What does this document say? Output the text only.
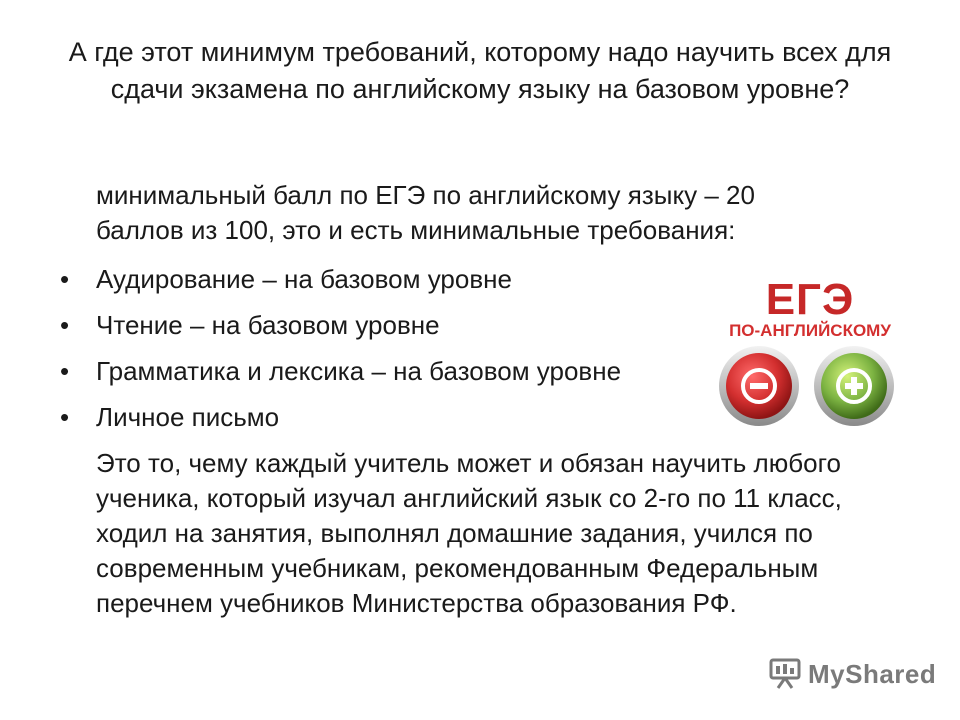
А где этот минимум требований, которому надо научить всех для сдачи экзамена по английскому языку на базовом уровне?
минимальный балл по ЕГЭ по английскому языку – 20 баллов из 100, это и есть минимальные требования:
•	Аудирование – на базовом уровне
•	Чтение – на базовом уровне
•	Грамматика и лексика – на базовом уровне
•	Личное письмо
Это то, чему каждый учитель может и обязан научить любого ученика, который изучал английский язык со 2-го по 11 класс, ходил на занятия, выполнял домашние задания, учился по современным учебникам, рекомендованным Федеральным перечнем учебников Министерства образования РФ.
ЕГЭ
ПО-АНГЛИЙСКОМУ
MyShared
